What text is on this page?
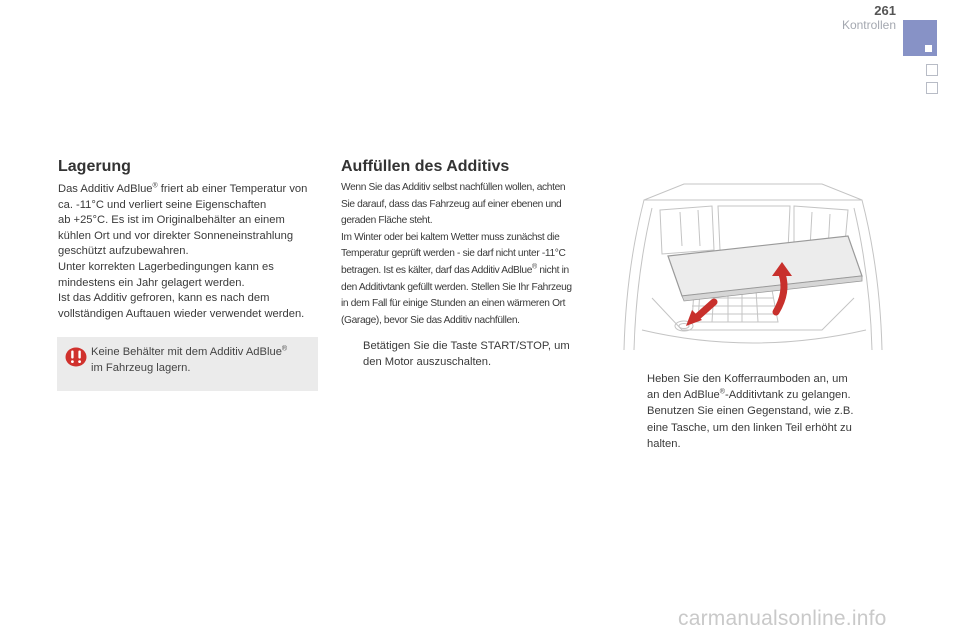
261
Kontrollen
Lagerung

Das Additiv AdBlue® friert ab einer Temperatur von

ca. -11°C und verliert seine Eigenschaften

ab +25°C. Es ist im Originalbehälter an einem

kühlen Ort und vor direkter Sonneneinstrahlung

geschützt aufzubewahren.

Unter korrekten Lagerbedingungen kann es

mindestens ein Jahr gelagert werden.

Ist das Additiv gefroren, kann es nach dem

vollständigen Auftauen wieder verwendet werden.

Keine Behälter mit dem Additiv AdBlue®
im Fahrzeug lagern.
Auffüllen des Additivs

Wenn Sie das Additiv selbst nachfüllen wollen, achten

Sie darauf, dass das Fahrzeug auf einer ebenen und

geraden Fläche steht.

Im Winter oder bei kaltem Wetter muss zunächst die

Temperatur geprüft werden - sie darf nicht unter -11°C

betragen. Ist es kälter, darf das Additiv AdBlue® nicht in

den Additivtank gefüllt werden. Stellen Sie Ihr Fahrzeug

in dem Fall für einige Stunden an einen wärmeren Ort

(Garage), bevor Sie das Additiv nachfüllen.

Betätigen Sie die Taste START/STOP, um
den Motor auszuschalten.
Heben Sie den Kofferraumboden an, um
an den AdBlue®-Additivtank zu gelangen.
Benutzen Sie einen Gegenstand, wie z.B.
eine Tasche, um den linken Teil erhöht zu
halten.
carmanualsonline.info
